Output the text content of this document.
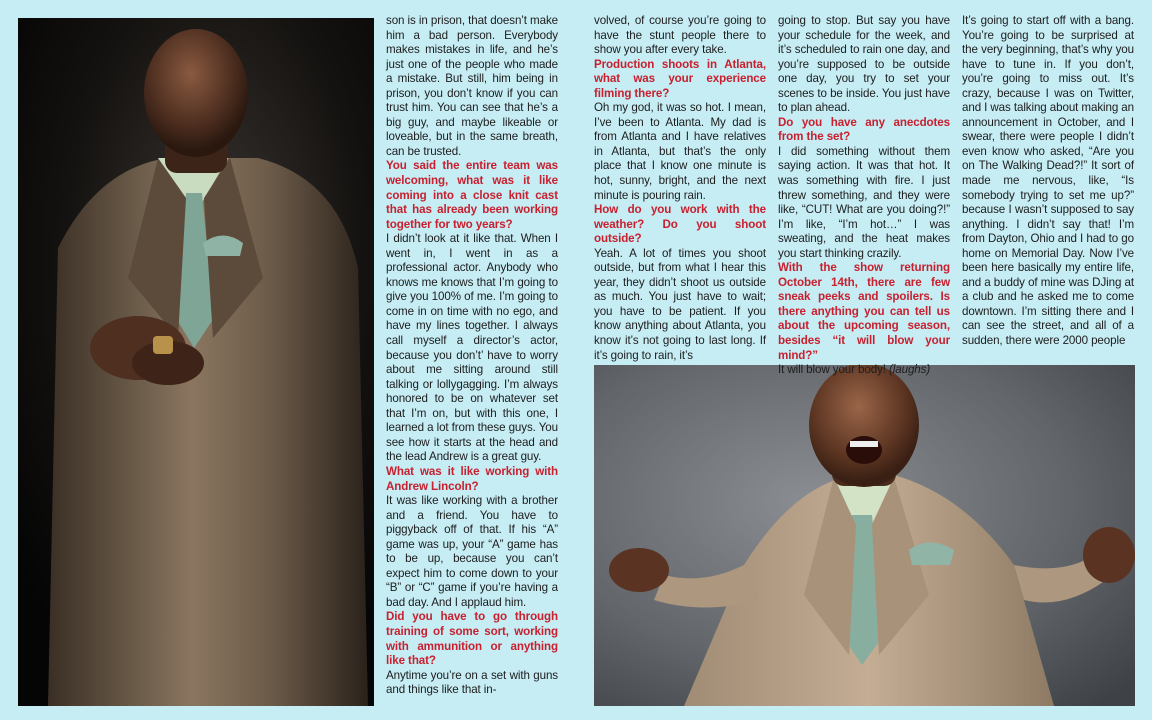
son is in prison, that doesn’t make him a bad person. Everybody makes mistakes in life, and he’s just one of the people who made a mistake. But still, him being in prison, you don’t know if you can trust him. You can see that he’s a big guy, and maybe likeable or loveable, but in the same breath, can be trusted.

You said the entire team was welcoming, what was it like coming into a close knit cast that has already been working together for two years?

I didn’t look at it like that. When I went in, I went in as a professional actor. Anybody who knows me knows that I’m going to give you 100% of me. I’m going to come in on time with no ego, and have my lines together. I always call myself a director’s actor, because you don’t’ have to worry about me sitting around still talking or lollygagging. I’m always honored to be on whatever set that I’m on, but with this one, I learned a lot from these guys. You see how it starts at the head and the lead Andrew is a great guy.

What was it like working with Andrew Lincoln?

It was like working with a brother and a friend. You have to piggyback off of that. If his “A” game was up, your “A” game has to be up, because you can’t expect him to come down to your “B” or “C” game if you’re having a bad day. And I applaud him.

Did you have to go through training of some sort, working with ammunition or anything like that?

Anytime you’re on a set with guns and things like that in-

volved, of course you’re going to have the stunt people there to show you after every take.

Production shoots in Atlanta, what was your experience filming there?

Oh my god, it was so hot. I mean, I’ve been to Atlanta. My dad is from Atlanta and I have relatives in Atlanta, but that’s the only place that I know one minute is hot, sunny, bright, and the next minute is pouring rain.

How do you work with the weather? Do you shoot outside?

Yeah. A lot of times you shoot outside, but from what I hear this year, they didn’t shoot us outside as much. You just have to wait; you have to be patient. If you know anything about Atlanta, you know it’s not going to last long. If it’s going to rain, it’s

going to stop. But say you have your schedule for the week, and it’s scheduled to rain one day, and you’re supposed to be outside one day, you try to set your scenes to be inside. You just have to plan ahead.

Do you have any anecdotes from the set?

I did something without them saying action. It was that hot. It was something with fire. I just threw something, and they were like, “CUT! What are you doing?!” I’m like, “I’m hot…” I was sweating, and the heat makes you start thinking crazily.

With the show returning October 14th, there are few sneak peeks and spoilers. Is there anything you can tell us about the upcoming season, besides “it will blow your mind?”

It will blow your body! (laughs)

It’s going to start off with a bang. You’re going to be surprised at the very beginning, that’s why you have to tune in. If you don’t, you’re going to miss out. It’s crazy, because I was on Twitter, and I was talking about making an announcement in October, and I swear, there were people I didn’t even know who asked, “Are you on The Walking Dead?!” It sort of made me nervous, like, “Is somebody trying to set me up?” because I wasn’t supposed to say anything. I didn’t say that! I’m from Dayton, Ohio and I had to go home on Memorial Day. Now I’ve been here basically my entire life, and a buddy of mine was DJing at a club and he asked me to come downtown. I’m sitting there and I can see the street, and all of a sudden, there were 2000 people
